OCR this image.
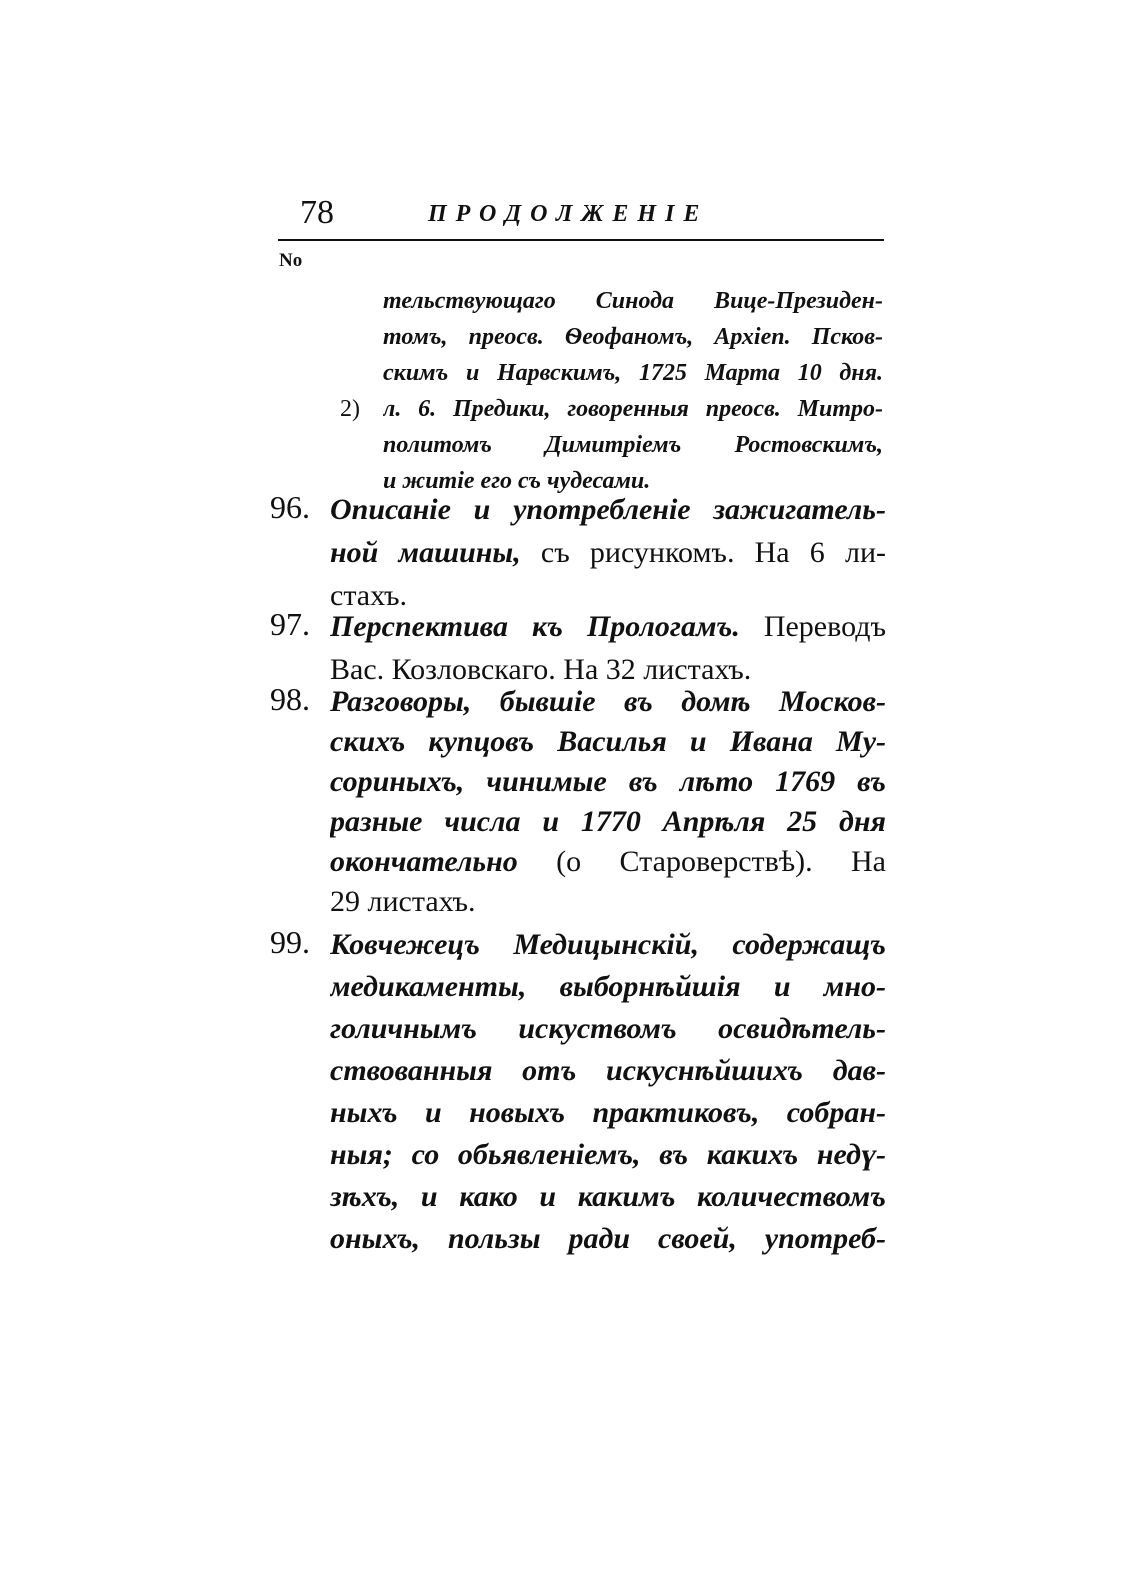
78	ПРОДОЛЖЕНІЕ
No
тельствующаго Синода Вице-Президен-
томъ, преосв. Ѳеофаномъ, Архіеп. Псков-
скимъ и Нарвскимъ, 1725 Марта 10 дня.
2) л. 6. Предики, говоренныя преосв. Митро-
политомъ Димитріемъ Ростовскимъ,
и житіе его съ чудесами.
96. Описаніе и употребленіе зажигатель-
ной машины, съ рисункомъ. На 6 ли-
стахъ.
97. Перспектива къ Прологамъ. Переводъ
Вас. Козловскаго. На 32 листахъ.
98. Разговоры, бывшіе въ домѣ Москов-
скихъ купцовъ Василья и Ивана Му-
сориныхъ, чинимые въ лѣто 1769 въ
разные числа и 1770 Апрѣля 25 дня
окончательно (о Староверствѣ). На
29 листахъ.
99. Ковчежецъ Медицынскій, содержащъ
медикаменты, выборнѣйшія и мно-
голичнымъ искуствомъ освидѣтель-
ствованныя отъ искуснѣйшихъ дав-
ныхъ и новыхъ практиковъ, собран-
ныя; со обьявленіемъ, въ какихъ недү-
зѣхъ, и како и какимъ количествомъ
оныхъ, пользы ради своей, употреб-
